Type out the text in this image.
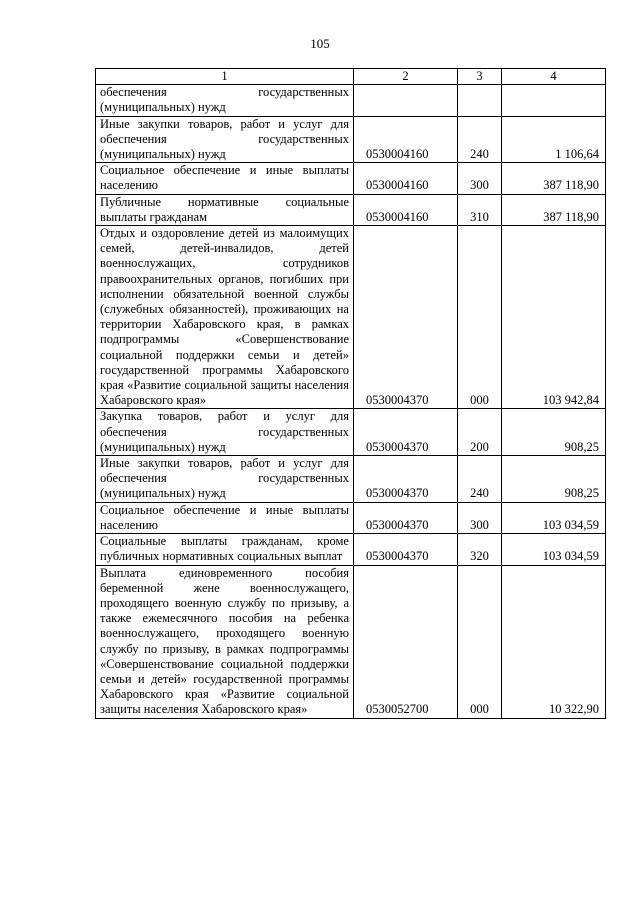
105
1	2	3	4
обеспечения государственных (муниципальных) нужд			
Иные закупки товаров, работ и услуг для обеспечения государственных (муниципальных) нужд	0530004160	240	1 106,64
Социальное обеспечение и иные выплаты населению	0530004160	300	387 118,90
Публичные нормативные социальные выплаты гражданам	0530004160	310	387 118,90
Отдых и оздоровление детей из малоимущих семей, детей-инвалидов, детей военнослужащих, сотрудников правоохранительных органов, погибших при исполнении обязательной военной службы (служебных обязанностей), проживающих на территории Хабаровского края, в рамках подпрограммы «Совершенствование социальной поддержки семьи и детей» государственной программы Хабаровского края «Развитие социальной защиты населения Хабаровского края»	0530004370	000	103 942,84
Закупка товаров, работ и услуг для обеспечения государственных (муниципальных) нужд	0530004370	200	908,25
Иные закупки товаров, работ и услуг для обеспечения государственных (муниципальных) нужд	0530004370	240	908,25
Социальное обеспечение и иные выплаты населению	0530004370	300	103 034,59
Социальные выплаты гражданам, кроме публичных нормативных социальных выплат	0530004370	320	103 034,59
Выплата единовременного пособия беременной жене военнослужащего, проходящего военную службу по призыву, а также ежемесячного пособия на ребенка военнослужащего, проходящего военную службу по призыву, в рамках подпрограммы «Совершенствование социальной поддержки семьи и детей» государственной программы Хабаровского края «Развитие социальной защиты населения Хабаровского края»	0530052700	000	10 322,90
